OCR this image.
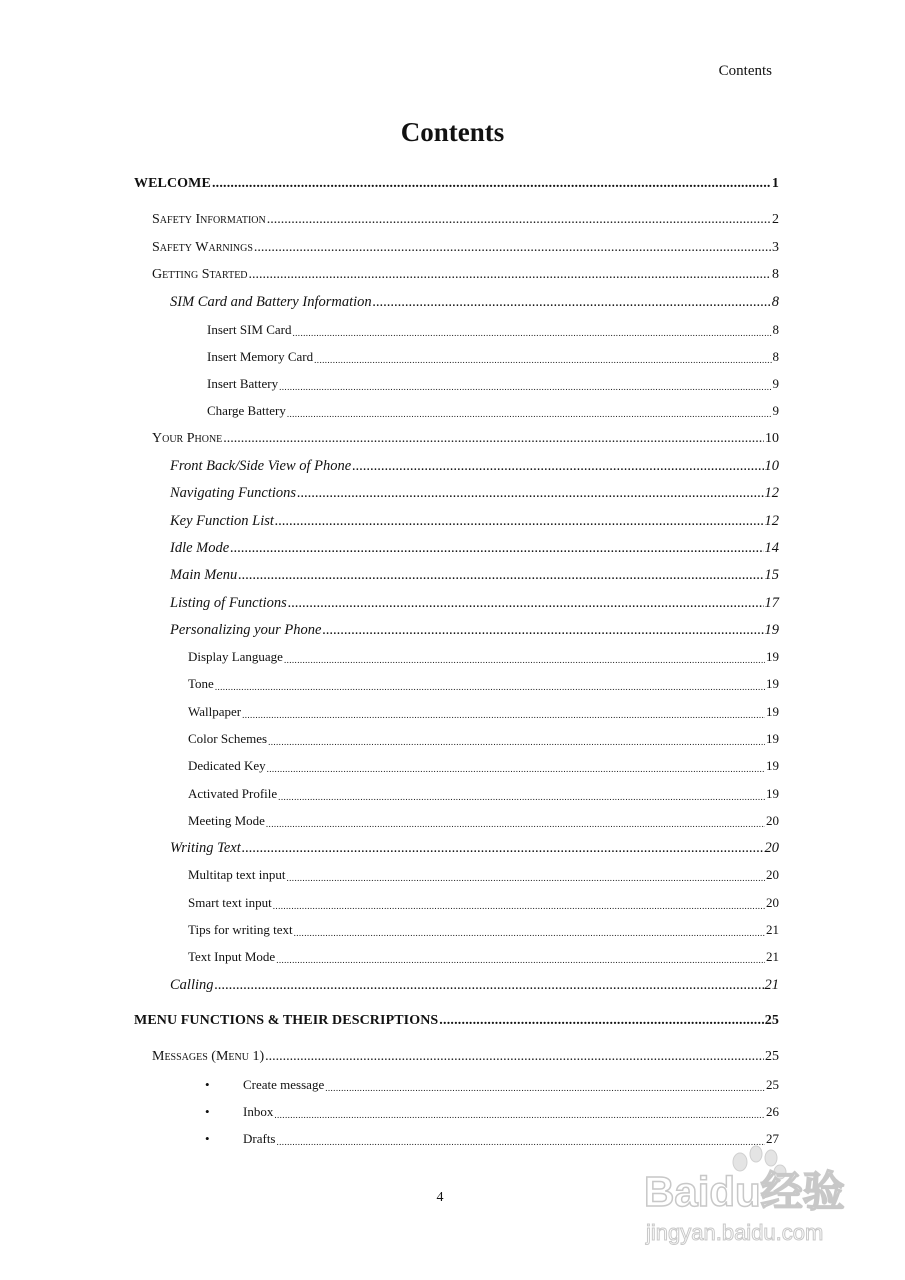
Contents
Contents
WELCOME .....	1
Safety Information .....	2
Safety Warnings .....	3
Getting Started .....	8
SIM Card and Battery Information .....	8
Insert SIM Card .....	8
Insert Memory Card .....	8
Insert Battery .....	9
Charge Battery .....	9
Your Phone .....	10
Front Back/Side View of Phone .....	10
Navigating Functions .....	12
Key Function List .....	12
Idle Mode .....	14
Main Menu .....	15
Listing of Functions .....	17
Personalizing your Phone .....	19
Display Language .....	19
Tone .....	19
Wallpaper .....	19
Color Schemes .....	19
Dedicated Key .....	19
Activated Profile .....	19
Meeting Mode .....	20
Writing Text .....	20
Multitap text input .....	20
Smart text input .....	20
Tips for writing text .....	21
Text Input Mode .....	21
Calling .....	21
MENU FUNCTIONS & THEIR DESCRIPTIONS .....	25
Messages (Menu 1) .....	25
•	Create message .....	25
•	Inbox .....	26
•	Drafts .....	27
4	Baidu经验
jingyan.baidu.com
